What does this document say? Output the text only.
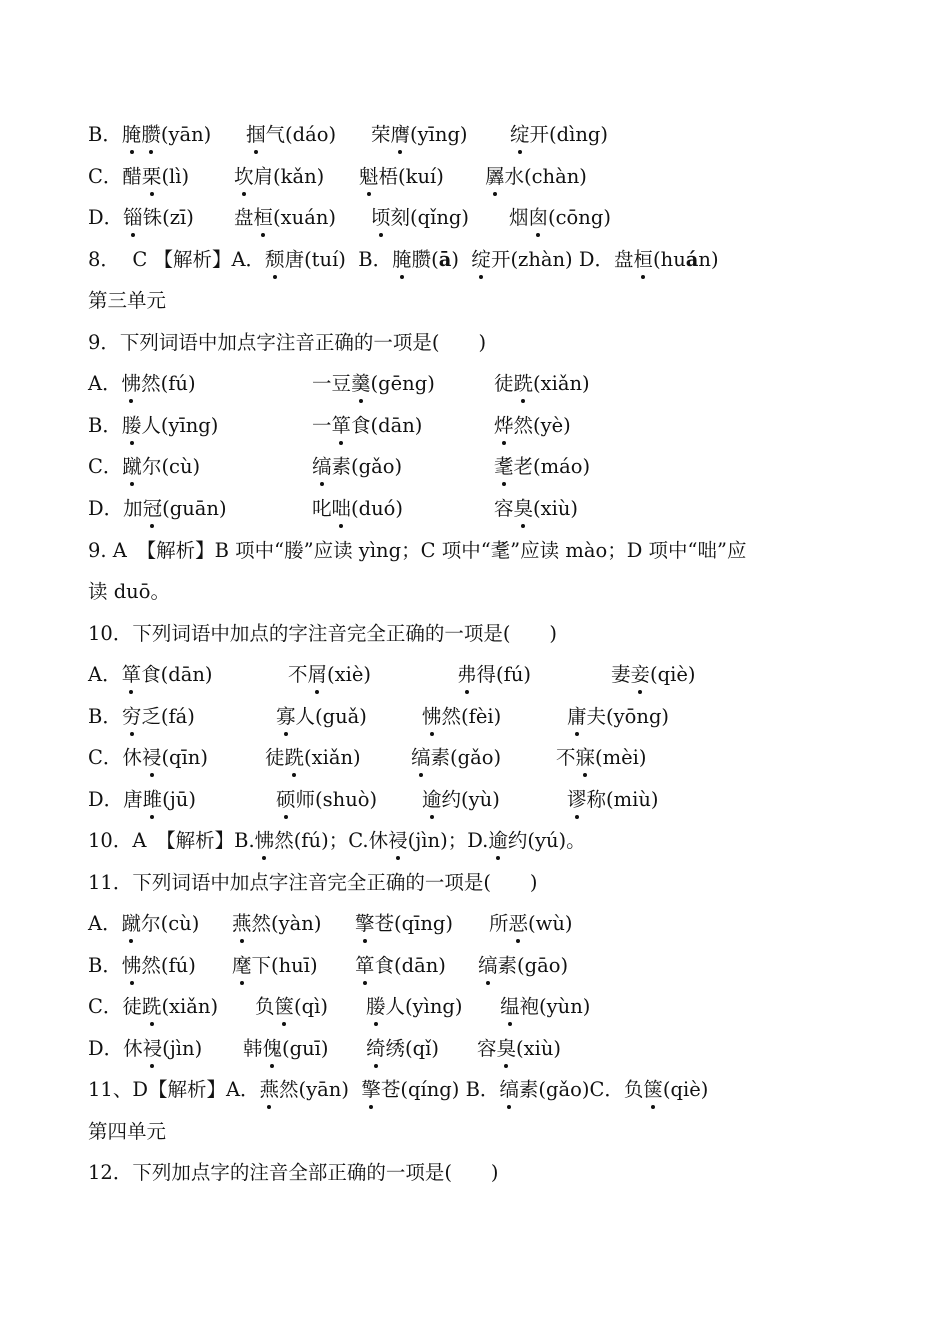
B．腌臜(yān) 掴气(dáo) 荣膺(yīng) 绽开(dìng)
C．醋栗(lì) 坎肩(kǎn) 魁梧(kuí) 羼水(chàn)
D．锱铢(zī) 盘桓(xuán) 顷刻(qǐng) 烟囱(cōng)
8． C 【解析】A．颓唐(tuí)  B．腌臜(ā)  绽开(zhàn) D．盘桓(huán)
第三单元
9．下列词语中加点字注音正确的一项是(　　)
A．怫然(fú)	一豆羹(gēng)	徒跣(xiǎn)
B．媵人(yīng)	一箪食(dān)	烨然(yè)
C．蹴尔(cù)	缟素(gǎo)	耄老(máo)
D．加冠(guān)	叱咄(duó)	容臭(xiù)
9. A　【解析】B 项中“媵”应读 yìng；C 项中“耄”应读 mào；D 项中“咄”应
读 duō。
10．下列词语中加点的字注音完全正确的一项是(　　)
A．箪食(dān)	不屑(xiè)	弗得(fú)	妻妾(qiè)
B．穷乏(fá)	寡人(guǎ)	怫然(fèi)	庸夫(yōng)
C．休祲(qīn)	徒跣(xiǎn)	缟素(gǎo)	不寐(mèi)
D．唐雎(jū)	硕师(shuò) 逾约(yù)	谬称(miù)
10．A　【解析】B.怫然(fú)；C.休祲(jìn)；D.逾约(yú)。
11．下列词语中加点字注音完全正确的一项是(　　)
A．蹴尔(cù) 燕然(yàn) 擎苍(qīng) 所恶(wù)
B．怫然(fú) 麾下(huī) 箪食(dān) 缟素(gāo)
C．徒跣(xiǎn) 负箧(qì) 媵人(yìng) 缊袍(yùn)
D．休祲(jìn) 韩傀(guī) 绮绣(qǐ) 容臭(xiù)
11、D【解析】A．燕然(yān)  擎苍(qíng) B．缟素(gǎo)C．负箧(qiè)
第四单元
12．下列加点字的注音全部正确的一项是(　　)
